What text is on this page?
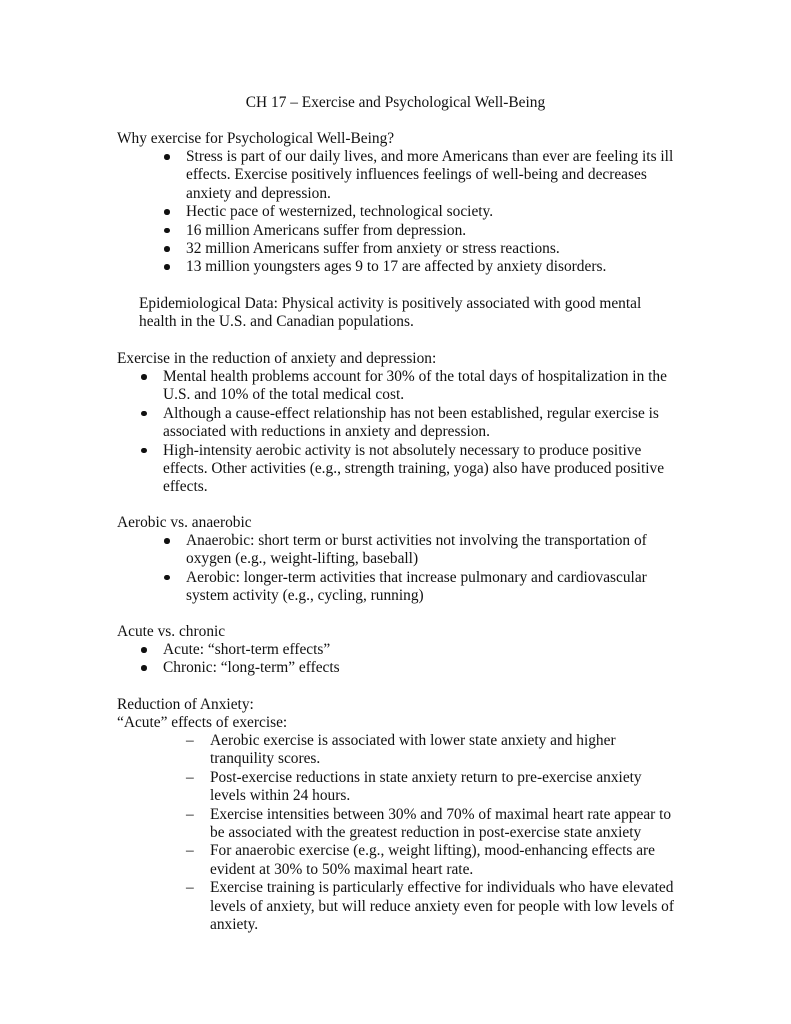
CH 17 – Exercise and Psychological Well-Being

Why exercise for Psychological Well-Being?

Stress is part of our daily lives, and more Americans than ever are feeling its ill effects. Exercise positively influences feelings of well-being and decreases anxiety and depression.
Hectic pace of westernized, technological society.
16 million Americans suffer from depression.
32 million Americans suffer from anxiety or stress reactions.
13 million youngsters ages 9 to 17 are affected by anxiety disorders.

Epidemiological Data: Physical activity is positively associated with good mental health in the U.S. and Canadian populations.

Exercise in the reduction of anxiety and depression:

Mental health problems account for 30% of the total days of hospitalization in the U.S. and 10% of the total medical cost.
Although a cause-effect relationship has not been established, regular exercise is associated with reductions in anxiety and depression.
High-intensity aerobic activity is not absolutely necessary to produce positive effects. Other activities (e.g., strength training, yoga) also have produced positive effects.

Aerobic vs. anaerobic

Anaerobic: short term or burst activities not involving the transportation of oxygen (e.g., weight-lifting, baseball)
Aerobic: longer-term activities that increase pulmonary and cardiovascular system activity (e.g., cycling, running)

Acute vs. chronic

Acute: “short-term effects”
Chronic: “long-term” effects

Reduction of Anxiety:

“Acute” effects of exercise:

– Aerobic exercise is associated with lower state anxiety and higher tranquility scores.
– Post-exercise reductions in state anxiety return to pre-exercise anxiety levels within 24 hours.
– Exercise intensities between 30% and 70% of maximal heart rate appear to be associated with the greatest reduction in post-exercise state anxiety
– For anaerobic exercise (e.g., weight lifting), mood-enhancing effects are evident at 30% to 50% maximal heart rate.
– Exercise training is particularly effective for individuals who have elevated levels of anxiety, but will reduce anxiety even for people with low levels of anxiety.
